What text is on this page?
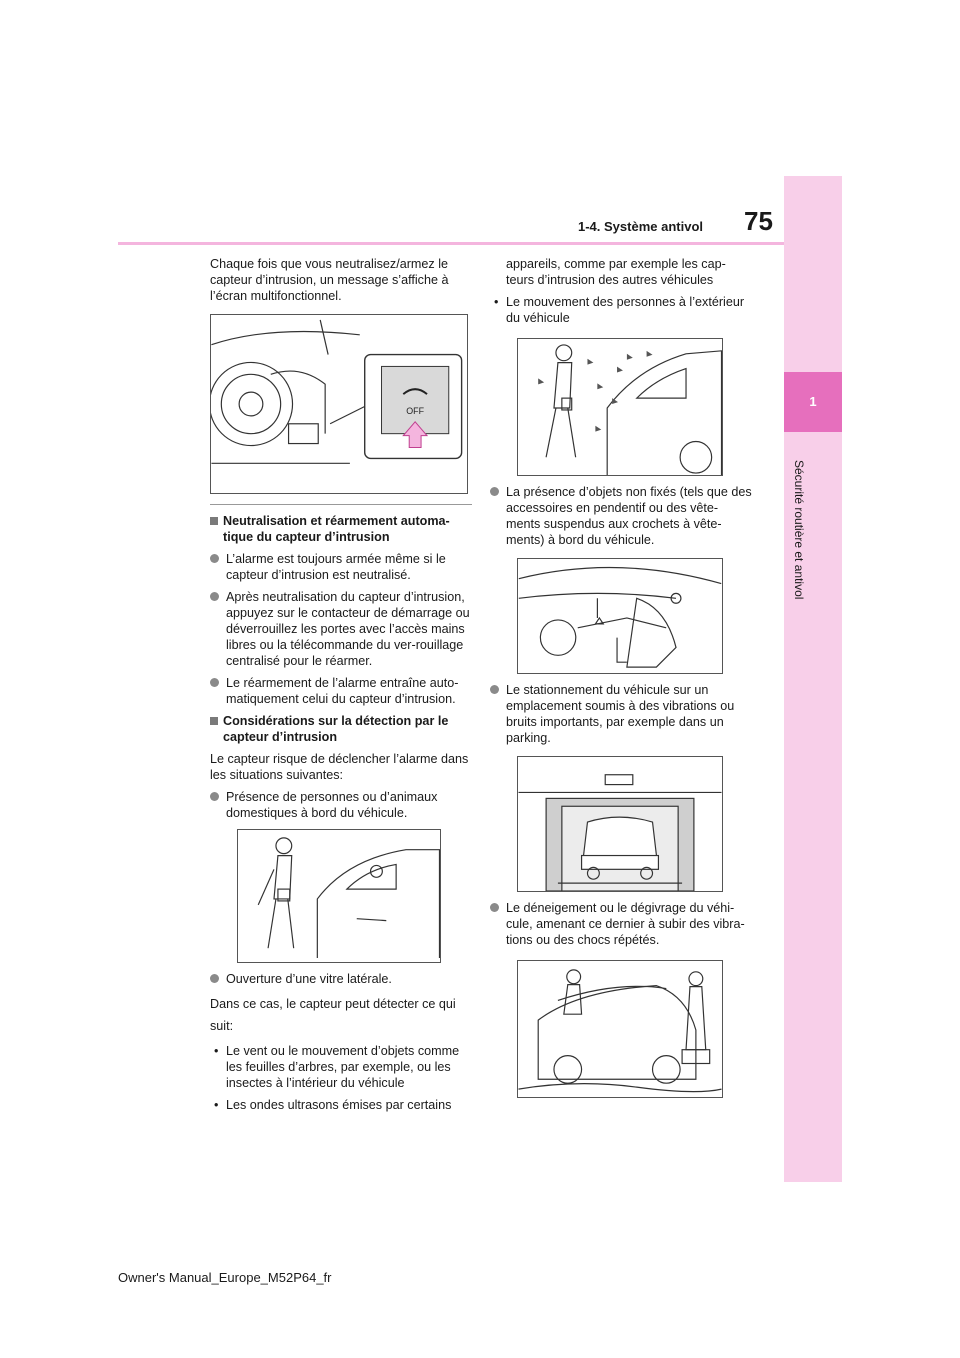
1
Sécurité routière et antivol
1-4. Système antivol 75

Chaque fois que vous neutralisez/armez le capteur d’intrusion, un message s’affiche à l’écran multifonctionnel.

OFF

Neutralisation et réarmement automa-tique du capteur d’intrusion

L’alarme est toujours armée même si le capteur d’intrusion est neutralisé.

Après neutralisation du capteur d’intrusion, appuyez sur le contacteur de démarrage ou déverrouillez les portes avec l’accès mains libres ou la télécommande du ver-rouillage centralisé pour le réarmer.

Le réarmement de l’alarme entraîne auto-matiquement celui du capteur d’intrusion.

Considérations sur la détection par le capteur d’intrusion

Le capteur risque de déclencher l’alarme dans les situations suivantes:

Présence de personnes ou d’animaux domestiques à bord du véhicule.

Ouverture d’une vitre latérale.

Dans ce cas, le capteur peut détecter ce qui suit:

• Le vent ou le mouvement d’objets comme les feuilles d’arbres, par exemple, ou les insectes à l’intérieur du véhicule

• Les ondes ultrasons émises par certains

appareils, comme par exemple les cap-teurs d’intrusion des autres véhicules

• Le mouvement des personnes à l’extérieur du véhicule

La présence d’objets non fixés (tels que des accessoires en pendentif ou des vête-ments suspendus aux crochets à vête-ments) à bord du véhicule.

Le stationnement du véhicule sur un emplacement soumis à des vibrations ou bruits importants, par exemple dans un parking.

Le déneigement ou le dégivrage du véhi-cule, amenant ce dernier à subir des vibra-tions ou des chocs répétés.

Owner's Manual_Europe_M52P64_fr
